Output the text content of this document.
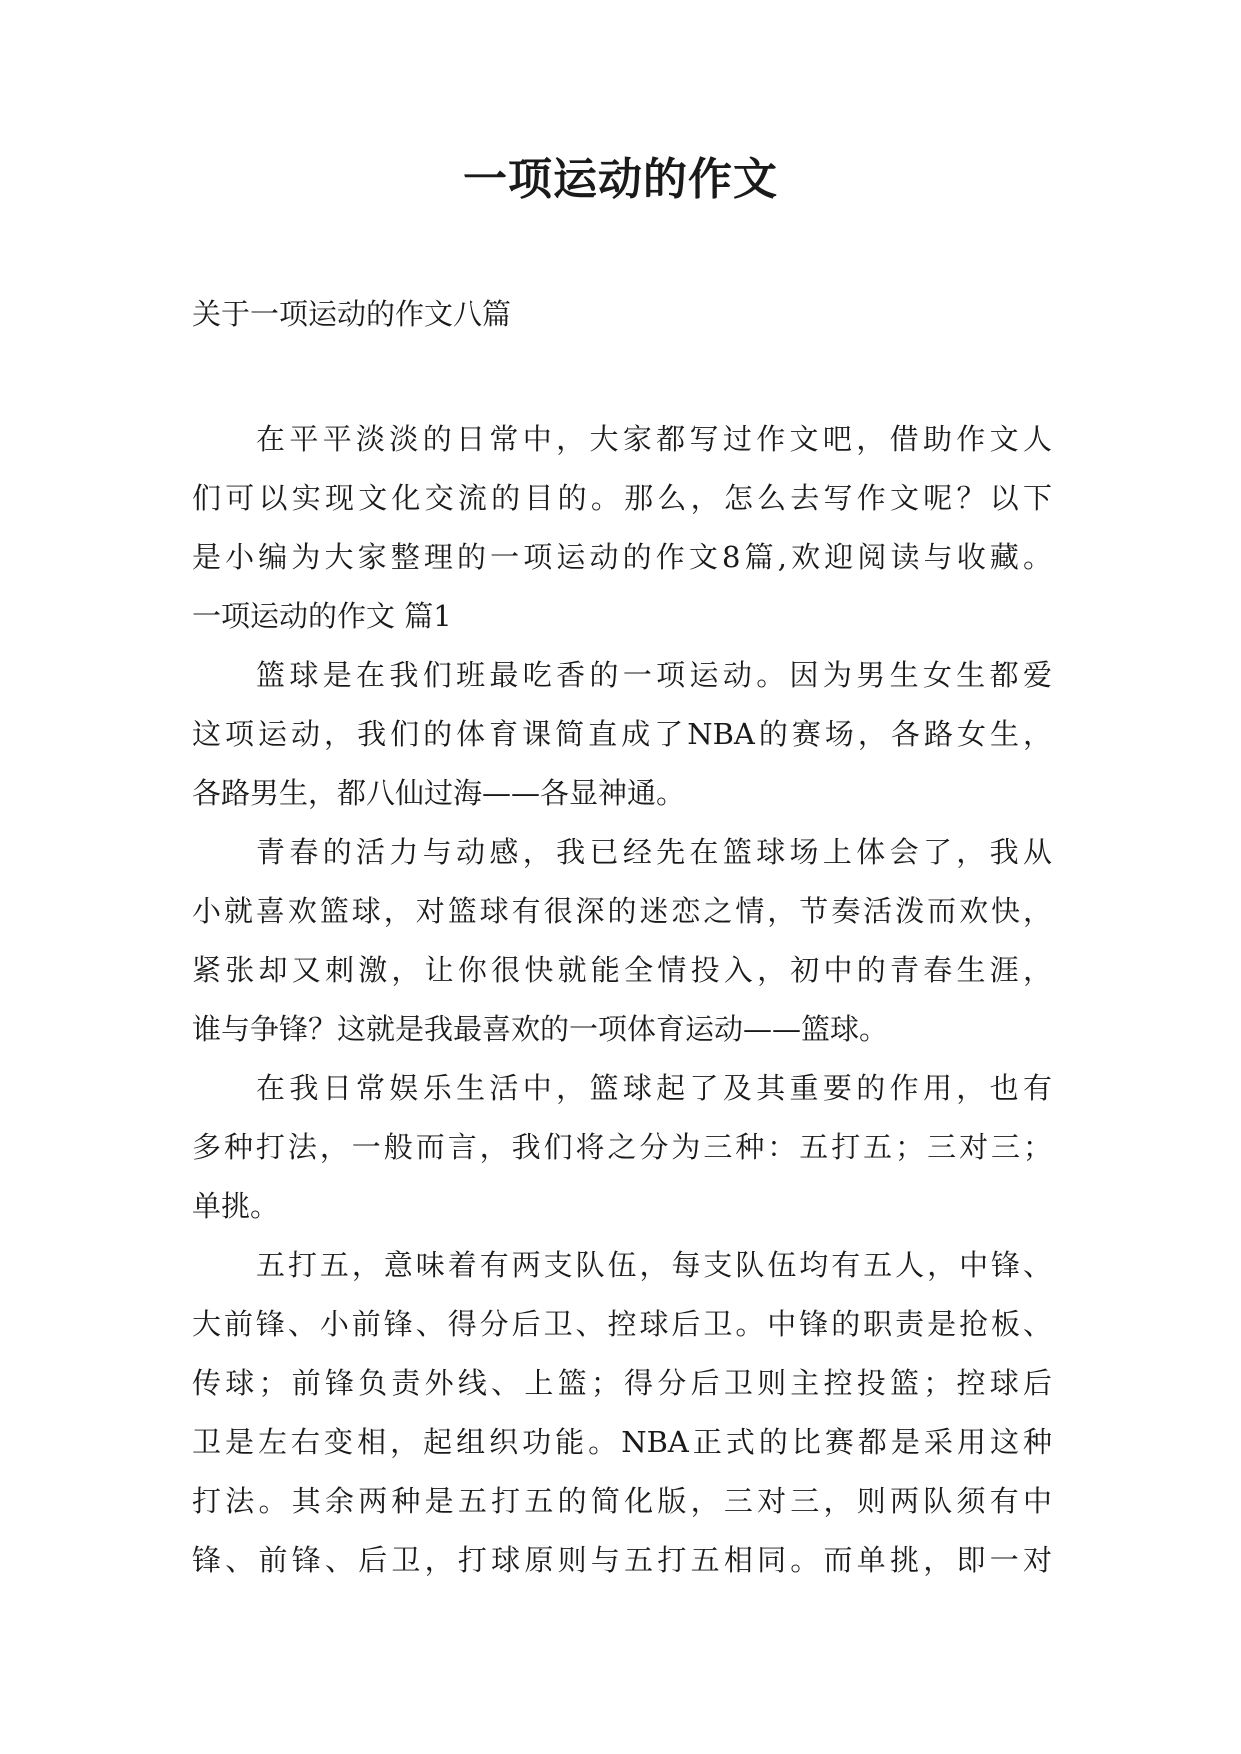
一项运动的作文

关于一项运动的作文八篇

在平平淡淡的日常中，大家都写过作文吧，借助作文人
们可以实现文化交流的目的。那么，怎么去写作文呢？以下
是小编为大家整理的一项运动的作文8篇,欢迎阅读与收藏。
一项运动的作文 篇1
篮球是在我们班最吃香的一项运动。因为男生女生都爱
这项运动，我们的体育课简直成了NBA的赛场，各路女生，
各路男生，都八仙过海——各显神通。
青春的活力与动感，我已经先在篮球场上体会了，我从
小就喜欢篮球，对篮球有很深的迷恋之情，节奏活泼而欢快，
紧张却又刺激，让你很快就能全情投入，初中的青春生涯，
谁与争锋？这就是我最喜欢的一项体育运动——篮球。
在我日常娱乐生活中，篮球起了及其重要的作用，也有
多种打法，一般而言，我们将之分为三种：五打五；三对三；
单挑。
五打五，意味着有两支队伍，每支队伍均有五人，中锋、
大前锋、小前锋、得分后卫、控球后卫。中锋的职责是抢板、
传球；前锋负责外线、上篮；得分后卫则主控投篮；控球后
卫是左右变相，起组织功能。NBA正式的比赛都是采用这种
打法。其余两种是五打五的简化版，三对三，则两队须有中
锋、前锋、后卫，打球原则与五打五相同。而单挑，即一对
